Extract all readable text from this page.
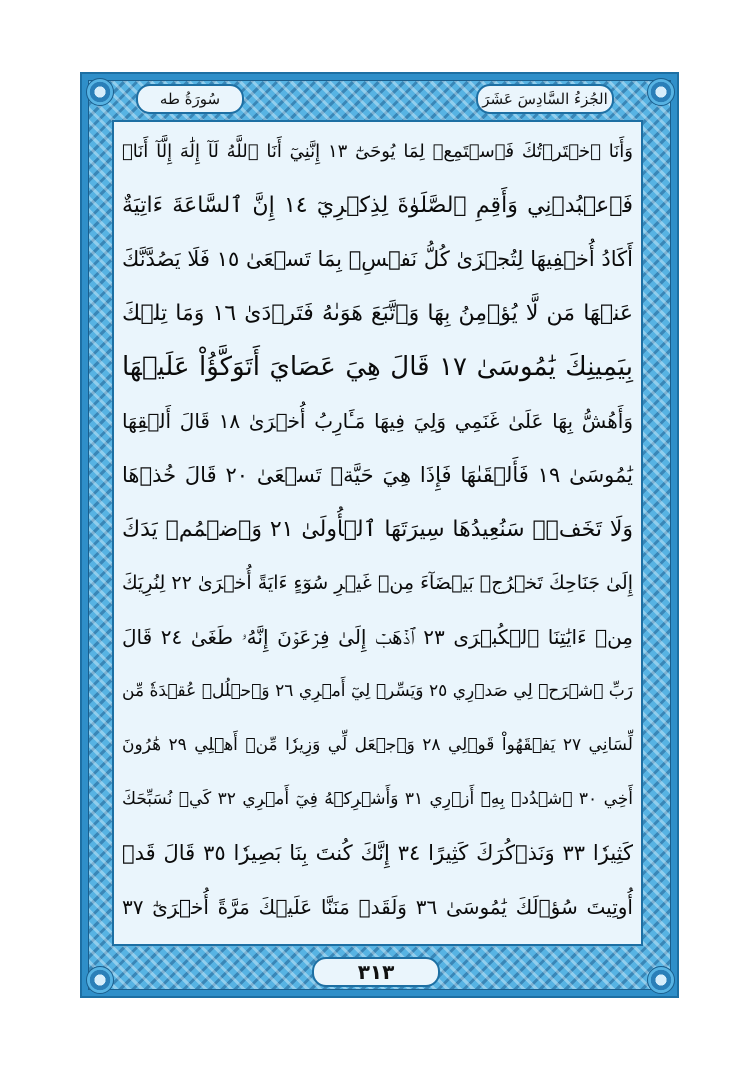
الجُزءُ السَّادِسَ عَشَرَ
سُورَةُ طه
وَأَنَا ٱخۡتَرۡتُكَ فَٱسۡتَمِعۡ لِمَا يُوحَىٰٓ ١٣ إِنَّنِيٓ أَنَا ٱللَّهُ لَآ إِلَٰهَ إِلَّآ أَنَا۠
فَٱعۡبُدۡنِي وَأَقِمِ ٱلصَّلَوٰةَ لِذِكۡرِيٓ ١٤ إِنَّ ٱلسَّاعَةَ ءَاتِيَةٌ
أَكَادُ أُخۡفِيهَا لِتُجۡزَىٰ كُلُّ نَفۡسِۢ بِمَا تَسۡعَىٰ ١٥ فَلَا يَصُدَّنَّكَ
عَنۡهَا مَن لَّا يُؤۡمِنُ بِهَا وَٱتَّبَعَ هَوَىٰهُ فَتَرۡدَىٰ ١٦ وَمَا تِلۡكَ
بِيَمِينِكَ يَٰمُوسَىٰ ١٧ قَالَ هِيَ عَصَايَ أَتَوَكَّؤُاْ عَلَيۡهَا
وَأَهُشُّ بِهَا عَلَىٰ غَنَمِي وَلِيَ فِيهَا مَـَٔارِبُ أُخۡرَىٰ ١٨ قَالَ أَلۡقِهَا
يَٰمُوسَىٰ ١٩ فَأَلۡقَىٰهَا فَإِذَا هِيَ حَيَّةٞ تَسۡعَىٰ ٢٠ قَالَ خُذۡهَا
وَلَا تَخَفۡۖ سَنُعِيدُهَا سِيرَتَهَا ٱلۡأُولَىٰ ٢١ وَٱضۡمُمۡ يَدَكَ
إِلَىٰ جَنَاحِكَ تَخۡرُجۡ بَيۡضَآءَ مِنۡ غَيۡرِ سُوٓءٍ ءَايَةً أُخۡرَىٰ ٢٢ لِنُرِيَكَ
مِنۡ ءَايَٰتِنَا ٱلۡكُبۡرَى ٢٣ ٱذۡهَبۡ إِلَىٰ فِرۡعَوۡنَ إِنَّهُۥ طَغَىٰ ٢٤ قَالَ
رَبِّ ٱشۡرَحۡ لِي صَدۡرِي ٢٥ وَيَسِّرۡ لِيٓ أَمۡرِي ٢٦ وَٱحۡلُلۡ عُقۡدَةٗ مِّن
لِّسَانِي ٢٧ يَفۡقَهُواْ قَوۡلِي ٢٨ وَٱجۡعَل لِّي وَزِيرٗا مِّنۡ أَهۡلِي ٢٩ هَٰرُونَ
أَخِي ٣٠ ٱشۡدُدۡ بِهِۦٓ أَزۡرِي ٣١ وَأَشۡرِكۡهُ فِيٓ أَمۡرِي ٣٢ كَيۡ نُسَبِّحَكَ
كَثِيرٗا ٣٣ وَنَذۡكُرَكَ كَثِيرًا ٣٤ إِنَّكَ كُنتَ بِنَا بَصِيرٗا ٣٥ قَالَ قَدۡ
أُوتِيتَ سُؤۡلَكَ يَٰمُوسَىٰ ٣٦ وَلَقَدۡ مَنَنَّا عَلَيۡكَ مَرَّةً أُخۡرَىٰٓ ٣٧
٣١٣
